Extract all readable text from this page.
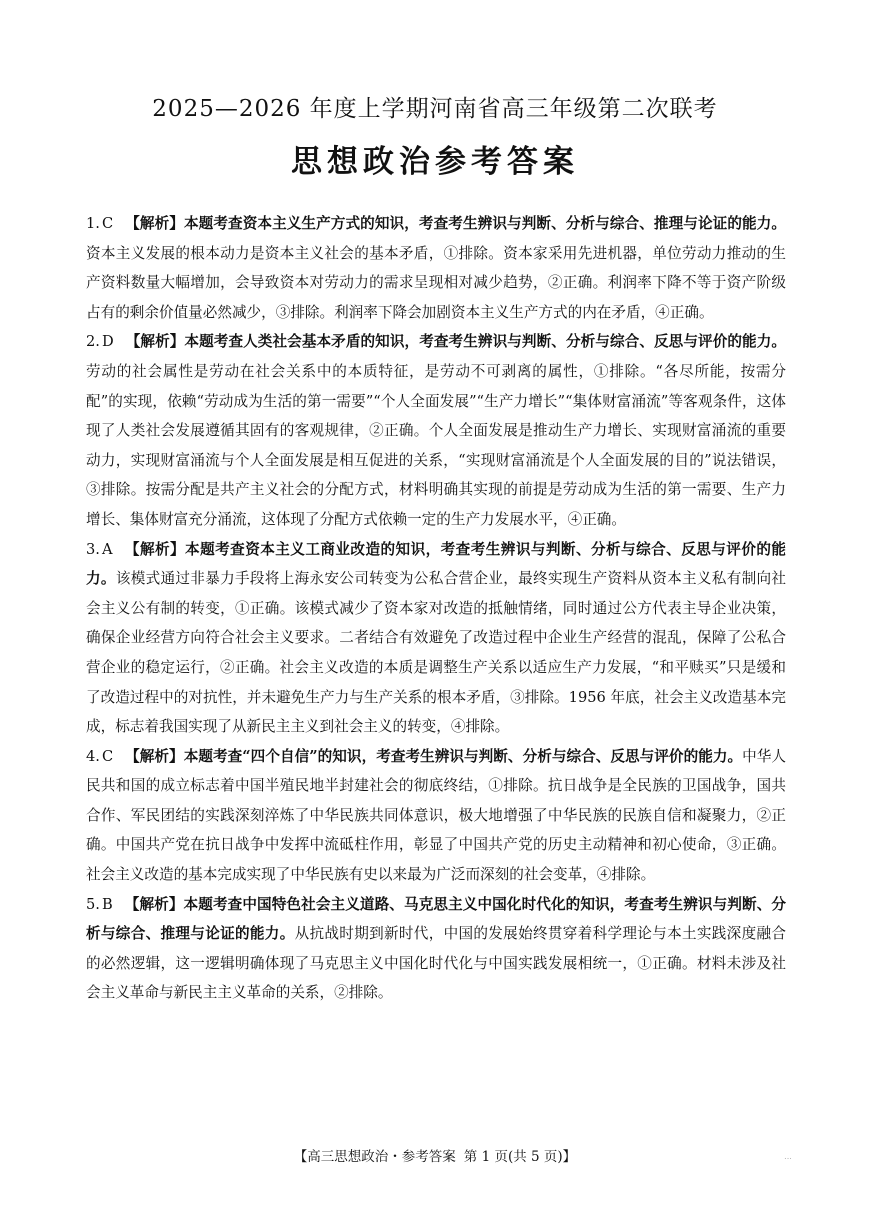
2025—2026 年度上学期河南省高三年级第二次联考
思想政治参考答案

1. C 【解析】本题考查资本主义生产方式的知识，考查考生辨识与判断、分析与综合、推理与论证的能力。资本主义发展的根本动力是资本主义社会的基本矛盾，①排除。资本家采用先进机器，单位劳动力推动的生产资料数量大幅增加，会导致资本对劳动力的需求呈现相对减少趋势，②正确。利润率下降不等于资产阶级占有的剩余价值量必然减少，③排除。利润率下降会加剧资本主义生产方式的内在矛盾，④正确。

2. D 【解析】本题考查人类社会基本矛盾的知识，考查考生辨识与判断、分析与综合、反思与评价的能力。劳动的社会属性是劳动在社会关系中的本质特征，是劳动不可剥离的属性，①排除。“各尽所能，按需分配”的实现，依赖“劳动成为生活的第一需要”“个人全面发展”“生产力增长”“集体财富涌流”等客观条件，这体现了人类社会发展遵循其固有的客观规律，②正确。个人全面发展是推动生产力增长、实现财富涌流的重要动力，实现财富涌流与个人全面发展是相互促进的关系，“实现财富涌流是个人全面发展的目的”说法错误，③排除。按需分配是共产主义社会的分配方式，材料明确其实现的前提是劳动成为生活的第一需要、生产力增长、集体财富充分涌流，这体现了分配方式依赖一定的生产力发展水平，④正确。

3. A 【解析】本题考查资本主义工商业改造的知识，考查考生辨识与判断、分析与综合、反思与评价的能力。该模式通过非暴力手段将上海永安公司转变为公私合营企业，最终实现生产资料从资本主义私有制向社会主义公有制的转变，①正确。该模式减少了资本家对改造的抵触情绪，同时通过公方代表主导企业决策，确保企业经营方向符合社会主义要求。二者结合有效避免了改造过程中企业生产经营的混乱，保障了公私合营企业的稳定运行，②正确。社会主义改造的本质是调整生产关系以适应生产力发展，“和平赎买”只是缓和了改造过程中的对抗性，并未避免生产力与生产关系的根本矛盾，③排除。1956 年底，社会主义改造基本完成，标志着我国实现了从新民主主义到社会主义的转变，④排除。

4. C 【解析】本题考查“四个自信”的知识，考查考生辨识与判断、分析与综合、反思与评价的能力。中华人民共和国的成立标志着中国半殖民地半封建社会的彻底终结，①排除。抗日战争是全民族的卫国战争，国共合作、军民团结的实践深刻淬炼了中华民族共同体意识，极大地增强了中华民族的民族自信和凝聚力，②正确。中国共产党在抗日战争中发挥中流砥柱作用，彰显了中国共产党的历史主动精神和初心使命，③正确。社会主义改造的基本完成实现了中华民族有史以来最为广泛而深刻的社会变革，④排除。

5. B 【解析】本题考查中国特色社会主义道路、马克思主义中国化时代化的知识，考查考生辨识与判断、分析与综合、推理与论证的能力。从抗战时期到新时代，中国的发展始终贯穿着科学理论与本土实践深度融合的必然逻辑，这一逻辑明确体现了马克思主义中国化时代化与中国实践发展相统一，①正确。材料未涉及社会主义革命与新民主主义革命的关系，②排除。

【高三思想政治・参考答案 第 1 页(共 5 页)】	...
